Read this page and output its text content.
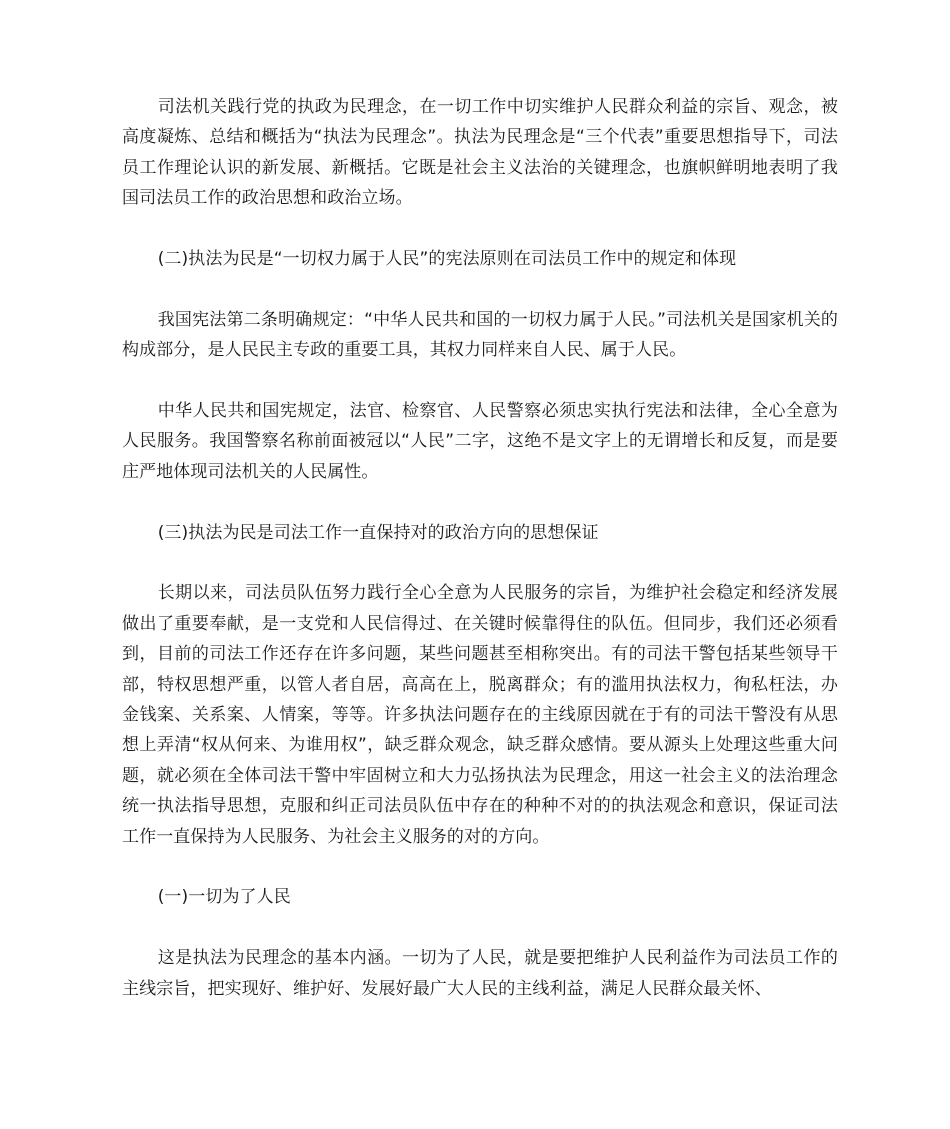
司法机关践行党的执政为民理念，在一切工作中切实维护人民群众利益的宗旨、观念，被高度凝炼、总结和概括为“执法为民理念”。执法为民理念是“三个代表”重要思想指导下，司法员工作理论认识的新发展、新概括。它既是社会主义法治的关键理念，也旗帜鲜明地表明了我国司法员工作的政治思想和政治立场。

(二)执法为民是“一切权力属于人民”的宪法原则在司法员工作中的规定和体现

我国宪法第二条明确规定：“中华人民共和国的一切权力属于人民。”司法机关是国家机关的构成部分，是人民民主专政的重要工具，其权力同样来自人民、属于人民。

中华人民共和国宪规定，法官、检察官、人民警察必须忠实执行宪法和法律，全心全意为人民服务。我国警察名称前面被冠以“人民”二字，这绝不是文字上的无谓增长和反复，而是要庄严地体现司法机关的人民属性。

(三)执法为民是司法工作一直保持对的政治方向的思想保证

长期以来，司法员队伍努力践行全心全意为人民服务的宗旨，为维护社会稳定和经济发展做出了重要奉献，是一支党和人民信得过、在关键时候靠得住的队伍。但同步，我们还必须看到，目前的司法工作还存在许多问题，某些问题甚至相称突出。有的司法干警包括某些领导干部，特权思想严重，以管人者自居，高高在上，脱离群众；有的滥用执法权力，徇私枉法，办金钱案、关系案、人情案，等等。许多执法问题存在的主线原因就在于有的司法干警没有从思想上弄清“权从何来、为谁用权”，缺乏群众观念，缺乏群众感情。要从源头上处理这些重大问题，就必须在全体司法干警中牢固树立和大力弘扬执法为民理念，用这一社会主义的法治理念统一执法指导思想，克服和纠正司法员队伍中存在的种种不对的的执法观念和意识，保证司法工作一直保持为人民服务、为社会主义服务的对的方向。

(一)一切为了人民

这是执法为民理念的基本内涵。一切为了人民，就是要把维护人民利益作为司法员工作的主线宗旨，把实现好、维护好、发展好最广大人民的主线利益，满足人民群众最关怀、
